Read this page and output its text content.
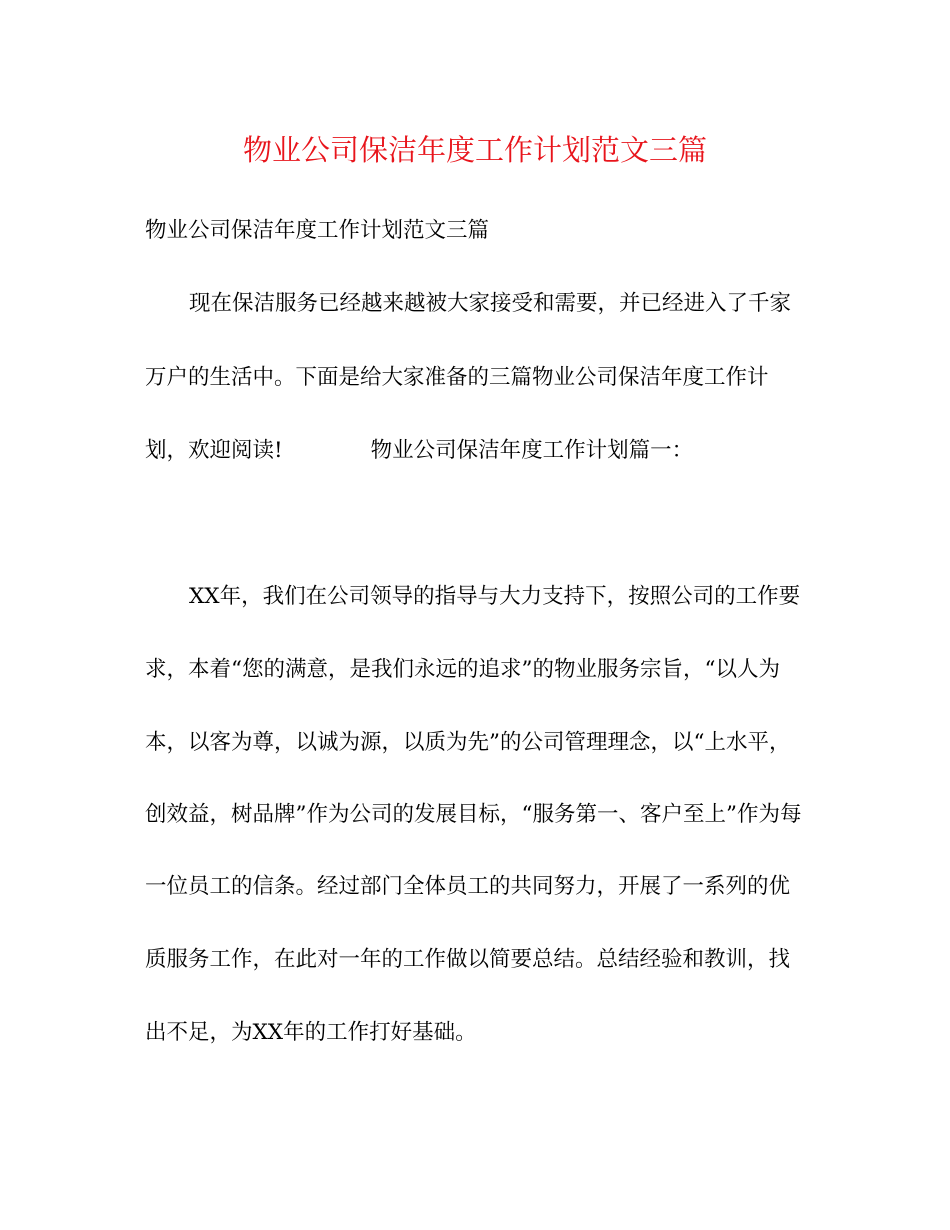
物业公司保洁年度工作计划范文三篇
物业公司保洁年度工作计划范文三篇
现在保洁服务已经越来越被大家接受和需要，并已经进入了千家
万户的生活中。下面是给大家准备的三篇物业公司保洁年度工作计
划，欢迎阅读!	物业公司保洁年度工作计划篇一：
XX年，我们在公司领导的指导与大力支持下，按照公司的工作要
求，本着“您的满意，是我们永远的追求”的物业服务宗旨，“以人为
本，以客为尊，以诚为源，以质为先”的公司管理理念，以“上水平，
创效益，树品牌”作为公司的发展目标，“服务第一、客户至上”作为每
一位员工的信条。经过部门全体员工的共同努力，开展了一系列的优
质服务工作，在此对一年的工作做以简要总结。总结经验和教训，找
出不足，为XX年的工作打好基础。
